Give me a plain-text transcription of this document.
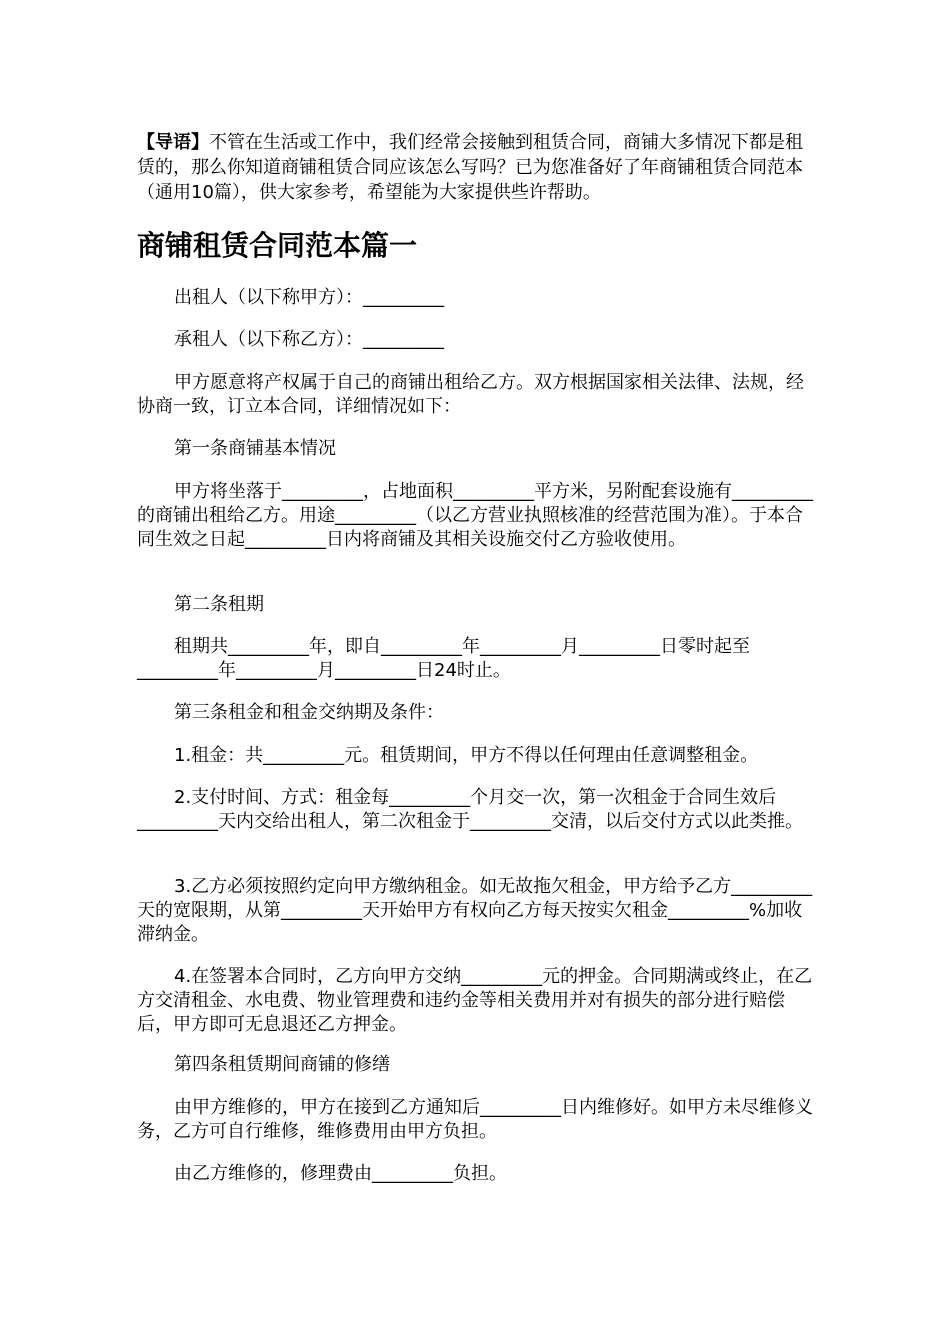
【导语】不管在生活或工作中，我们经常会接触到租赁合同，商铺大多情况下都是租赁的，那么你知道商铺租赁合同应该怎么写吗？已为您准备好了年商铺租赁合同范本（通用10篇），供大家参考，希望能为大家提供些许帮助。

商铺租赁合同范本篇一

出租人（以下称甲方）：_________

承租人（以下称乙方）：_________

甲方愿意将产权属于自己的商铺出租给乙方。双方根据国家相关法律、法规，经协商一致，订立本合同，详细情况如下：

第一条商铺基本情况

甲方将坐落于_________，占地面积_________平方米，另附配套设施有_________的商铺出租给乙方。用途_________（以乙方营业执照核准的经营范围为准）。于本合同生效之日起_________日内将商铺及其相关设施交付乙方验收使用。

第二条租期

租期共_________年，即自_________年_________月_________日零时起至_________年_________月_________日24时止。

第三条租金和租金交纳期及条件：

1.租金：共_________元。租赁期间，甲方不得以任何理由任意调整租金。

2.支付时间、方式：租金每_________个月交一次，第一次租金于合同生效后_________天内交给出租人，第二次租金于_________交清，以后交付方式以此类推。

3.乙方必须按照约定向甲方缴纳租金。如无故拖欠租金，甲方给予乙方_________天的宽限期，从第_________天开始甲方有权向乙方每天按实欠租金_________%加收滞纳金。

4.在签署本合同时，乙方向甲方交纳_________元的押金。合同期满或终止，在乙方交清租金、水电费、物业管理费和违约金等相关费用并对有损失的部分进行赔偿后，甲方即可无息退还乙方押金。

第四条租赁期间商铺的修缮

由甲方维修的，甲方在接到乙方通知后_________日内维修好。如甲方未尽维修义务，乙方可自行维修，维修费用由甲方负担。

由乙方维修的，修理费由_________负担。
